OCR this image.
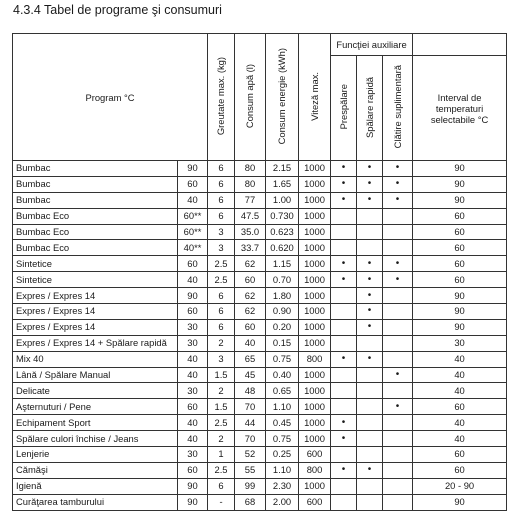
4.3.4 Tabel de programe şi consumuri
Program °C		Greutate max. (kg)	Consum apă (l)	Consum energie (kWh)	Viteză max.	Funcţiei auxiliare			
						Prespălare	Spălare rapidă	Clătire suplimentară	Interval de temperaturi selectabile °C
Bumbac	90	6	80	2.15	1000	•	•	•	90
Bumbac	60	6	80	1.65	1000	•	•	•	90
Bumbac	40	6	77	1.00	1000	•	•	•	90
Bumbac Eco	60**	6	47.5	0.730	1000				60
Bumbac Eco	60**	3	35.0	0.623	1000				60
Bumbac Eco	40**	3	33.7	0.620	1000				60
Sintetice	60	2.5	62	1.15	1000	•	•	•	60
Sintetice	40	2.5	60	0.70	1000	•	•	•	60
Expres / Expres 14	90	6	62	1.80	1000		•		90
Expres / Expres 14	60	6	62	0.90	1000		•		90
Expres / Expres 14	30	6	60	0.20	1000		•		90
Expres / Expres 14 + Spălare rapidă	30	2	40	0.15	1000				30
Mix 40	40	3	65	0.75	800	•	•		40
Lână / Spălare Manual	40	1.5	45	0.40	1000			•	40
Delicate	30	2	48	0.65	1000				40
Aşternuturi / Pene	60	1.5	70	1.10	1000			•	60
Echipament Sport	40	2.5	44	0.45	1000	•			40
Spălare culori închise / Jeans	40	2	70	0.75	1000	•			40
Lenjerie	30	1	52	0.25	600				60
Cămăşi	60	2.5	55	1.10	800	•	•		60
Igienă	90	6	99	2.30	1000				20 - 90
Curăţarea tamburului	90	-	68	2.00	600				90
